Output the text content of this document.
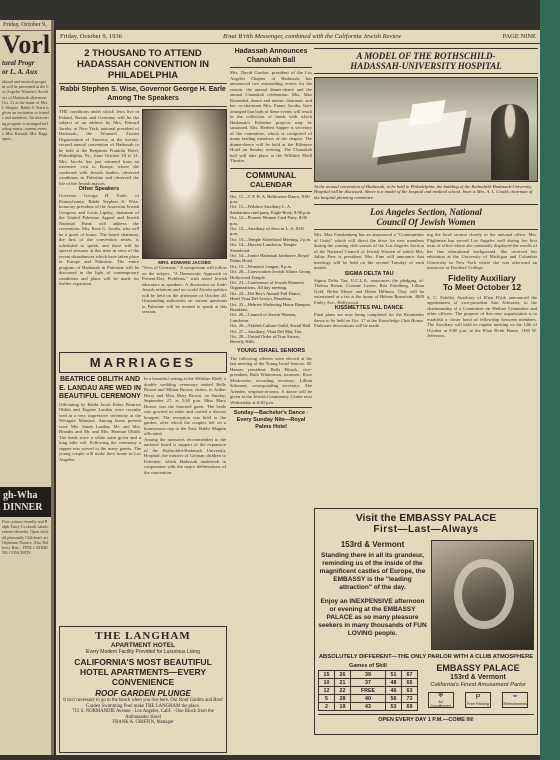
Friday, October 9,
Vorl
tural Progr
or L. A. Aux
ultural and musical program will be presented at the Los Angeles Women's Auxiliary of Hadassah afternoon Oct. 21 at the home of Mrs. I. Shapiro. Rabbi S. Stern is given an invitation to friends and members. An interesting program is arranged including music, current events. Mrs. Karasik, Mrs. Rappaport...
gh-Wha DINNER
Fine cuisine friendly and Ralph Tracy Cocktails salads, entrees desserts. Open daily all pleasantly Children's art Orpheum Theatre. Also Delivery Ren... FINE CATERING CONCERTS
Friday, October 9, 1936	B'nai B'rith Messenger, combined with the California Jewish Review	PAGE NINE
2 THOUSAND TO ATTEND HADASSAH CONVENTION IN PHILADELPHIA
Rabbi Stephen S. Wise, Governor George H. Earle Among The Speakers
THE conditions under which Jews live in Poland, Russia and Germany will be the subject of an address by Mrs. Edward Jacobs, of New York, national president of Hadassah, the Women's Zionist Organization of America, at the twenty-second annual convention of Hadassah to be held at the Benjamin Franklin Hotel, Philadelphia, Pa., from October 18 to 21. Mrs. Jacobs has just returned from an extensive visit to Europe, where she conferred with Jewish leaders, observed conditions in Palestine and observed the life of the Jewish masses.
Other Speakers
Governor George H. Earle, of Pennsylvania; Rabbi Stephen S. Wise, honorary president of the American Jewish Congress and Louis Lipsky, chairman of the United Palestine Appeal and Jewish National Fund, will address the convention. Mrs. Rose G. Jacobs, who will be a guest of honor. The board chairman, the first of the convention series, is scheduled to speak, and there will be special sessions at this time in view of the recent disturbances which have taken place in Europe and Palestine. The entire program of Hadassah in Palestine will be discussed in the light of contemporary conditions and plans will be made for further expansion.
MRS. EDWARD JACOBS
"Jews of Germany." A symposium will follow on the subject, "A Democratic Approach to Present-Day Problems," with noted Jewish educators as speakers. A discussion on Arab-Jewish relations and on world Zionist politics will be held on the afternoon of October 20. Outstanding authorities on current questions in Palestine will be invited to speak at this session.
MARRIAGES
BEATRICE OBLITH AND E. LANDAU ARE WED IN BEAUTIFUL CEREMONY
Officiating by Rabbi Jacob Kohn, Beatrice Oblith and Eugene Landau were recently wed at a very impressive ceremony at the Westgate Mansion. Among those present were Mrs. Sarah Landau, Mr. and Mrs. Brandis and Mr. and Mrs. Herman Oblith. The bride wore a white satin gown and a long tulle veil. Following the ceremony a supper was served to the many guests. The young couple will make their home in Los Angeles.
In a beautiful setting at the Wilshire Ebell, a double wedding ceremony united Belle Brown and Milton Brown, sisters, to Arthur Berry and Miss Mary Brown, on Sunday, September 27, at 5:30 p.m. Miss Mary Brown was the honored guest. The bride was gowned in white and carried a shower bouquet. The reception was held in the garden, after which the couples left on a honeymoon trip to the East. Rabbi Magnin officiated.
Among the measures recommended to the national board is support of the expansion of the Rothschild-Hadassah University Hospital, the transfer of German children to Palestine, which Hadassah undertook in cooperation with the major deliberations of the convention.
THE LANGHAM
APARTMENT HOTEL
Every Modern Facility Provided for Luxurious Living
CALIFORNIA'S MOST BEAUTIFUL HOTEL APARTMENTS—EVERY CONVENIENCE
ROOF GARDEN PLUNGE
It isn't necessary to go to the beach when you live here. Our Roof Garden and Roof Garden Swimming Pool make THE LANGHAM the place.
715 S. NORMANDIE Avenue · Los Angeles, Calif. · One Block from the Ambassador Hotel
FRANK A. GRIFFIN, Manager
Hadassah Announces Chanukah Ball
Mrs. David Gordon, president of the Los Angeles Chapter of Hadassah, has announced two outstanding events for the season: the annual dinner-dance and the annual Chanukah celebration. Mrs. Max Rosenthal, dance and menus chairman, and her co-chairmen Mrs. Fanny Jacobs, have arranged that both of these events will result in the collection of funds with which Hadassah's Palestine projects may be sustained. Mrs. Herbert Sapper is secretary of the committee, which is composed of many leading members of the chapter. The dinner-dance will be held at the Biltmore Hotel on Sunday evening. The Chanukah ball will take place at the Wilshire Ebell Theatre.
COMMUNAL
CALENDAR
Oct. 11—T. P. H. A. Halloween Dance, 8:00 p.m.
Oct. 11—Wilshire Auxiliary L. A. Sanitarium card party, Eagle Rock, 8:00 p.m.
Oct. 12—Pioneer Women Card Party, 8:00 p.m.
Oct. 13—Auxiliary of Jews in L. A. 8:00 p.m.
Oct. 13—Temple Sisterhood Meeting, 2 p.m.
Oct. 14—Harvest Luncheon, Temple Sisterhood.
Oct. 14—Junior Hadassah Jamboree, Royal Palms Hotel.
Oct. 15—Women's League, 8 p.m.
Oct. 20—Convocation Jewish Affairs Group, Hollywood Temple.
Oct. 21—Conference of Jewish Women's Organizations, All day meeting.
Oct. 24—Del Rey's Annual Fall Dance, Hotel Vista Del Arroyo, Pasadena.
Oct. 25—Hebrew Sheltering Home Banquet, Breakfast.
Oct. 26—Council of Jewish Women, Luncheon.
Oct. 26—Yiddish Culture Guild, Social Hall.
Oct. 27—Auxiliary, Vista Del Mar, Tea.
Oct. 28—United Order of True Sisters, Beverly Hills.
YOUNG ISRAEL SENIORS
The following officers were elected at the last meeting of the Young Israel Seniors: M. Hanser, president; Bella Pilnick, vice-president; Ruth Winterman, treasurer; Rose Moskowitz, recording secretary; Lillian Solomon, corresponding secretary; Abe Arender, sergeant-at-arms. A dance will be given at the Jewish Community Center next Wednesday at 8:30 p.m.
Sunday—Bachelor's Dance · Every Sunday Nite—Royal Palms Hotel
A MODEL OF THE ROTHSCHILD-
HADASSAH-UNIVERSITY HOSPITAL
At the annual convention of Hadassah, to be held in Philadelphia, the building of the Rothschild-Hadassah-University Hospital will be discussed. Above is a model of the hospital and medical school. Inset is Mrs. A. L. Gould, chairman of the hospital planning committee.
Los Angeles Section, National
Council Of Jewish Women
Mrs. Max Frankenberg has an announced a "Communities of Unity" which will direct the drive for new members during the coming club season of the Los Angeles Section of the National Council of Jewish Women of which Mrs. Julius Fine is president. Mrs. Fine will announce that meetings will be held on the second Tuesday of each month.
SIGMA DELTA TAU
Sigma Delta Tau, U.C.L.A. announces the pledging of: Thelma Rosen, Corinne Lerner, Rita Friedberg, Lillian Gold, Helen Meyer and Helen Hillman. They will be entertained at a tea at the home of Helene Brunstein, 4809 Finley Ave., Hollywood.
KISSMETTES PAL DANCE
Final plans are now being completed for the Kissmettes dance to be held on Oct. 17 at the Knowledge Club House. Elaborate decorations will be made.
ing the local section closely to the national office. Mrs. Flightman has served Los Angeles well during her first term of office where she constantly displayed the results of her fine educational background. She received her education at the University of Michigan and Columbia University in New York where she was afterward an instructor at Teachers' College.
Fidelity Auxiliary
To Meet October 12
S. C. Fidelity Auxiliary of B'nai B'rith announced the appointment of vice-president Ann Schwartz, to the chairmanship of a Committee on Welfare Committee and other officers. The purpose of this new organization is to establish a closer bond of fellowship between members. The Auxiliary will hold its regular meeting on the 12th of October at 8:00 p.m. at the B'nai B'rith Home, 1160 W. Jefferson.
Visit the EMBASSY PALACE
First—Last—Always
153rd & Vermont
Standing there in all its grandeur, reminding us of the inside of the magnificent castles of Europe, the EMBASSY is the "leading attraction" of the day.
Enjoy an INEXPENSIVE afternoon or evening at the EMBASSY PALACE as so many pleasure seekers in many thousands of FUN LOVING people.
ABSOLUTELY DIFFERENT—THE ONLY PARLOR WITH A CLUB ATMOSPHERE
Games of Skill
15	26	39	51	67
10	21	37	48	65
12	22	FREE	46	63
5	28	40	56	73
2	19	43	53	69
EMBASSY PALACE
153rd & Vermont
California's Finest Amusement Parlor
❄
Air Conditioned
P
Free Parking
☕
Refreshments
OPEN EVERY DAY 1 P.M.—COME IN!
